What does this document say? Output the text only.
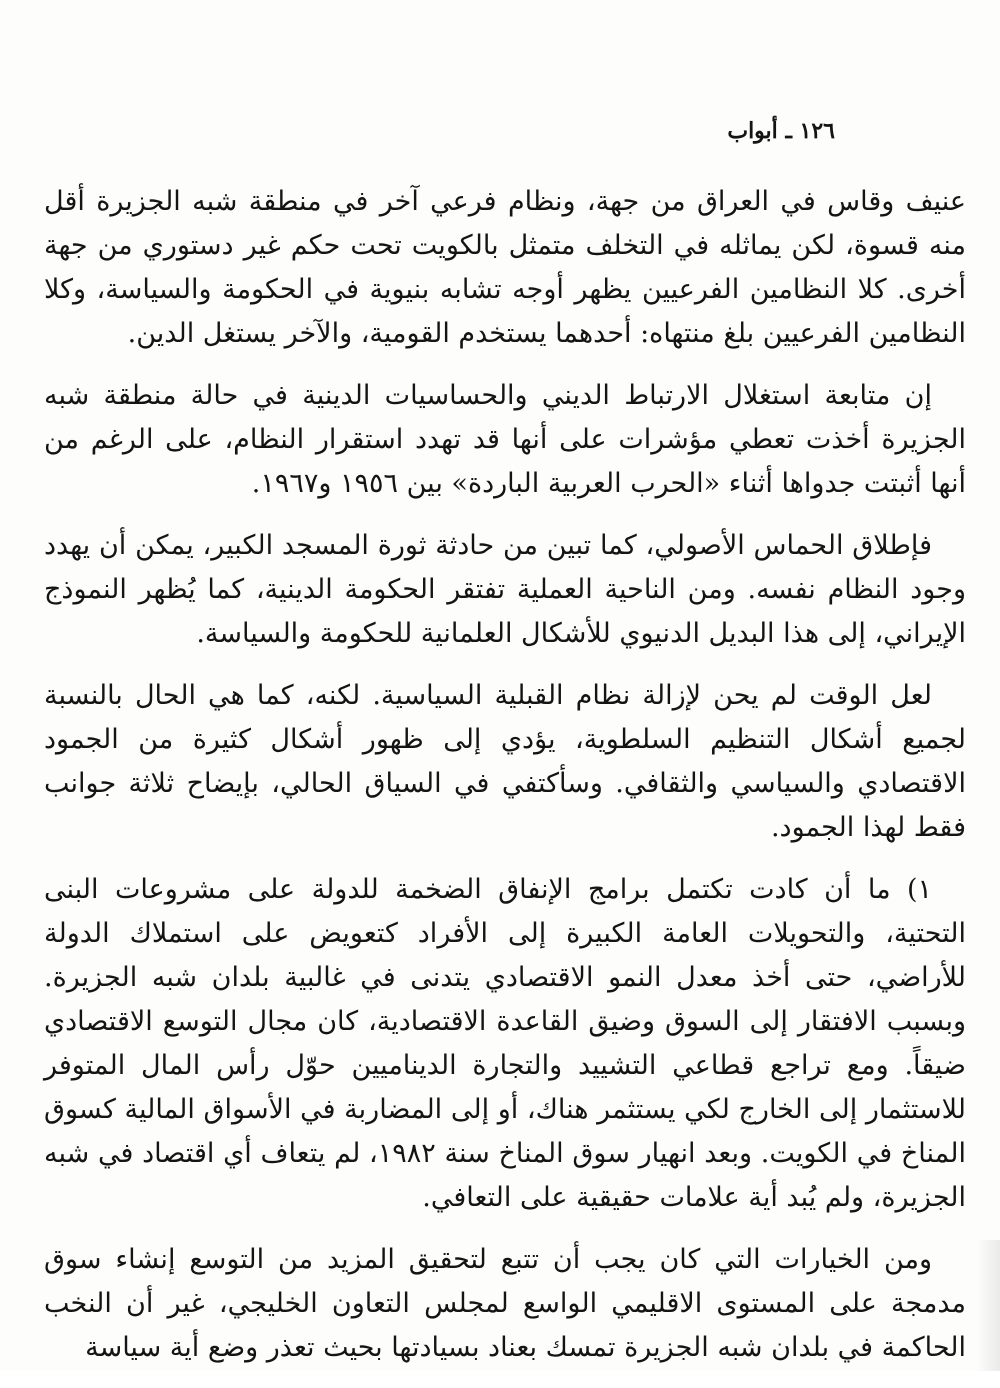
١٢٦ ـ أبواب

عنيف وقاس في العراق من جهة، ونظام فرعي آخر في منطقة شبه الجزيرة أقل منه قسوة، لكن يماثله في التخلف متمثل بالكويت تحت حكم غير دستوري من جهة أخرى. كلا النظامين الفرعيين يظهر أوجه تشابه بنيوية في الحكومة والسياسة، وكلا النظامين الفرعيين بلغ منتهاه: أحدهما يستخدم القومية، والآخر يستغل الدين.

إن متابعة استغلال الارتباط الديني والحساسيات الدينية في حالة منطقة شبه الجزيرة أخذت تعطي مؤشرات على أنها قد تهدد استقرار النظام، على الرغم من أنها أثبتت جدواها أثناء «الحرب العربية الباردة» بين ١٩٥٦ و١٩٦٧.

فإطلاق الحماس الأصولي، كما تبين من حادثة ثورة المسجد الكبير، يمكن أن يهدد وجود النظام نفسه. ومن الناحية العملية تفتقر الحكومة الدينية، كما يُظهر النموذج الإيراني، إلى هذا البديل الدنيوي للأشكال العلمانية للحكومة والسياسة.

لعل الوقت لم يحن لإزالة نظام القبلية السياسية. لكنه، كما هي الحال بالنسبة لجميع أشكال التنظيم السلطوية، يؤدي إلى ظهور أشكال كثيرة من الجمود الاقتصادي والسياسي والثقافي. وسأكتفي في السياق الحالي، بإيضاح ثلاثة جوانب فقط لهذا الجمود.

١) ما أن كادت تكتمل برامج الإنفاق الضخمة للدولة على مشروعات البنى التحتية، والتحويلات العامة الكبيرة إلى الأفراد كتعويض على استملاك الدولة للأراضي، حتى أخذ معدل النمو الاقتصادي يتدنى في غالبية بلدان شبه الجزيرة. وبسبب الافتقار إلى السوق وضيق القاعدة الاقتصادية، كان مجال التوسع الاقتصادي ضيقاً. ومع تراجع قطاعي التشييد والتجارة الديناميين حوّل رأس المال المتوفر للاستثمار إلى الخارج لكي يستثمر هناك، أو إلى المضاربة في الأسواق المالية كسوق المناخ في الكويت. وبعد انهيار سوق المناخ سنة ١٩٨٢، لم يتعاف أي اقتصاد في شبه الجزيرة، ولم يُبد أية علامات حقيقية على التعافي.

ومن الخيارات التي كان يجب أن تتبع لتحقيق المزيد من التوسع إنشاء سوق مدمجة على المستوى الاقليمي الواسع لمجلس التعاون الخليجي، غير أن النخب الحاكمة في بلدان شبه الجزيرة تمسك بعناد بسيادتها بحيث تعذر وضع أية سياسة
